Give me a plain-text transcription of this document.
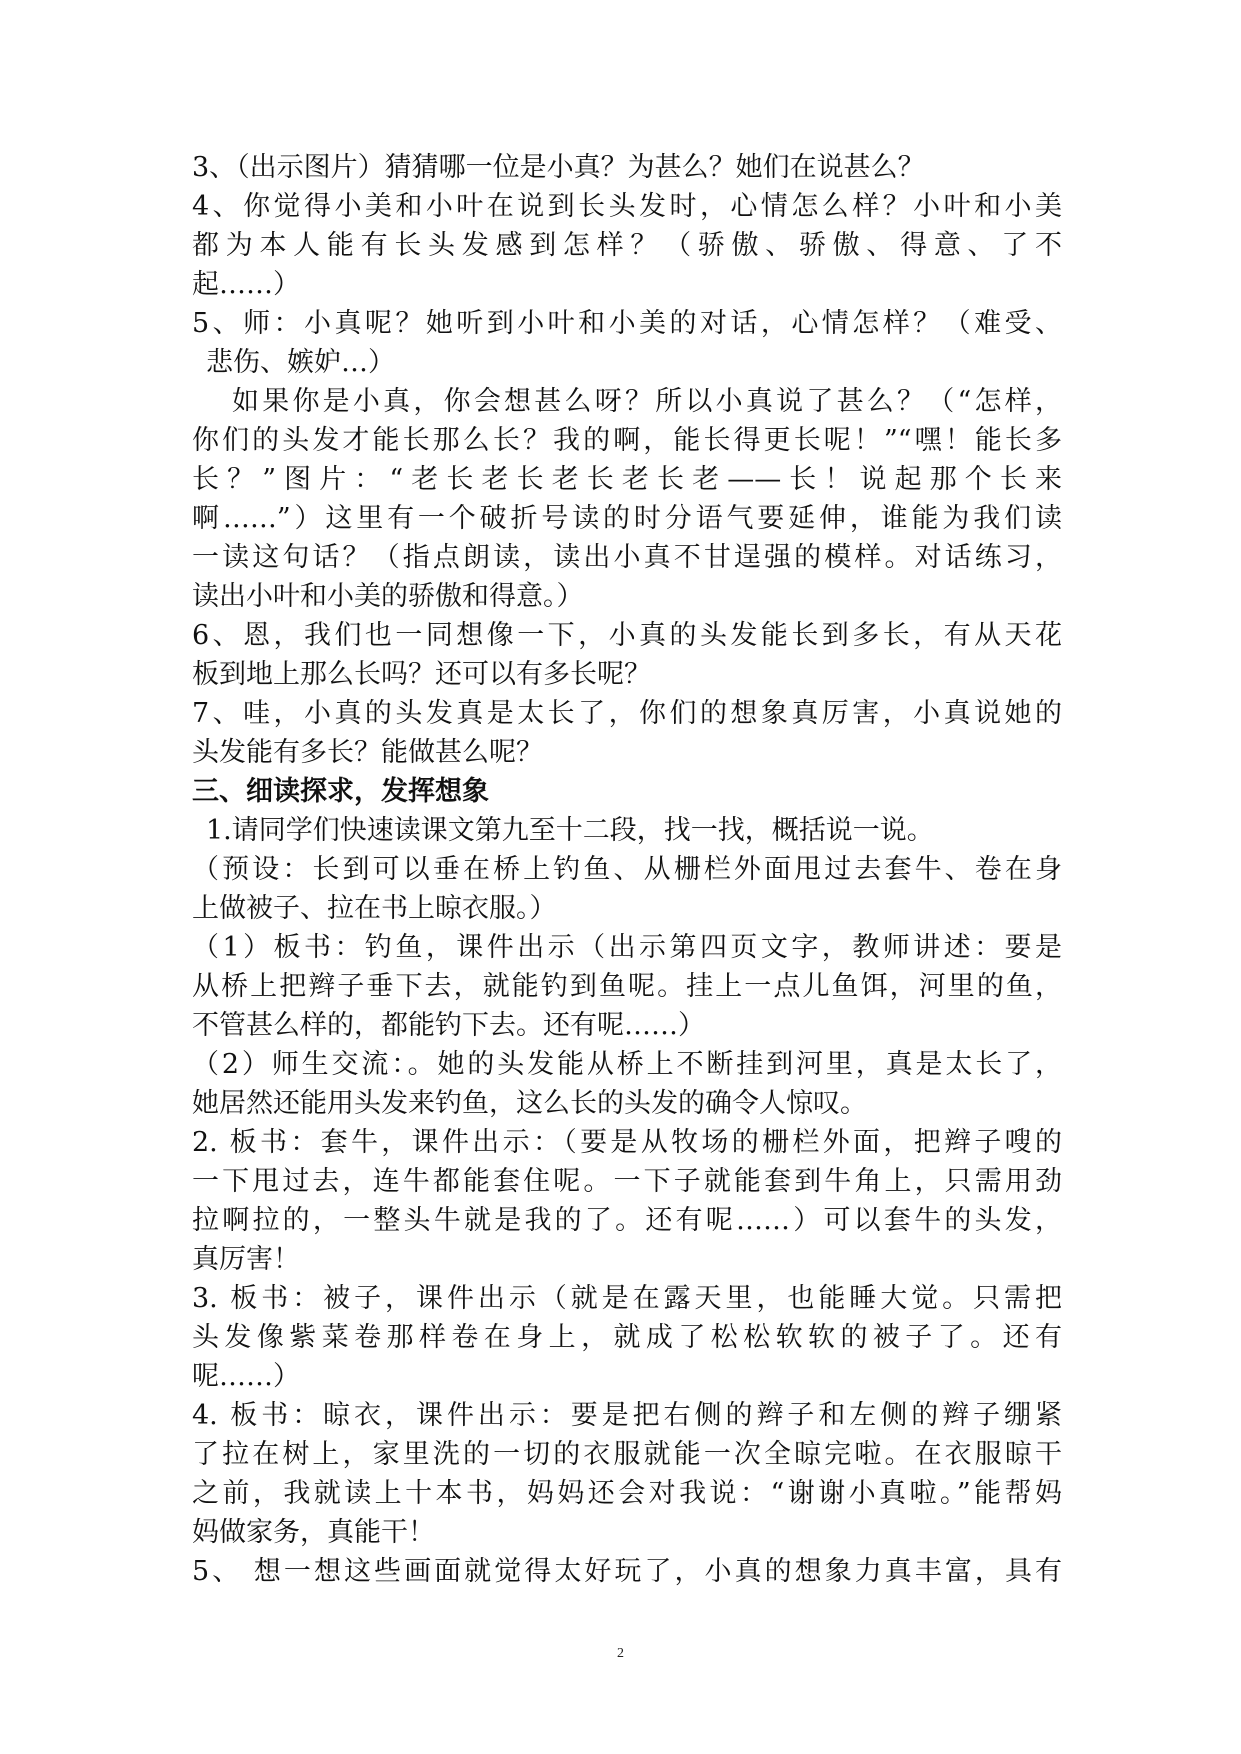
3、（出示图片）猜猜哪一位是小真？为甚么？她们在说甚么？
4、你觉得小美和小叶在说到长头发时，心情怎么样？小叶和小美
都为本人能有长头发感到怎样？（骄傲、骄傲、得意、了不
起……）
5、师：小真呢？她听到小叶和小美的对话，心情怎样？（难受、
悲伤、嫉妒…）
如果你是小真，你会想甚么呀？所以小真说了甚么？（“怎样，
你们的头发才能长那么长？我的啊，能长得更长呢！”“嘿！能长多
长？”图片：“老长老长老长老长老——长！说起那个长来
啊……”）这里有一个破折号读的时分语气要延伸，谁能为我们读
一读这句话？（指点朗读，读出小真不甘逞强的模样。对话练习，
读出小叶和小美的骄傲和得意。）
6、恩，我们也一同想像一下，小真的头发能长到多长，有从天花
板到地上那么长吗？还可以有多长呢？
7、哇，小真的头发真是太长了，你们的想象真厉害，小真说她的
头发能有多长？能做甚么呢？
三、细读探求，发挥想象
1.请同学们快速读课文第九至十二段，找一找，概括说一说。
（预设：长到可以垂在桥上钓鱼、从栅栏外面甩过去套牛、卷在身
上做被子、拉在书上晾衣服。）
（1）板书：钓鱼，课件出示（出示第四页文字，教师讲述：要是
从桥上把辫子垂下去，就能钓到鱼呢。挂上一点儿鱼饵，河里的鱼，
不管甚么样的，都能钓下去。还有呢……）
（2）师生交流：。她的头发能从桥上不断挂到河里，真是太长了，
她居然还能用头发来钓鱼，这么长的头发的确令人惊叹。
2. 板书：套牛，课件出示：（要是从牧场的栅栏外面，把辫子嗖的
一下甩过去，连牛都能套住呢。一下子就能套到牛角上，只需用劲
拉啊拉的，一整头牛就是我的了。还有呢……）可以套牛的头发，
真厉害！
3. 板书：被子，课件出示（就是在露天里，也能睡大觉。只需把
头发像紫菜卷那样卷在身上，就成了松松软软的被子了。还有
呢……）
4. 板书：晾衣，课件出示：要是把右侧的辫子和左侧的辫子绷紧
了拉在树上，家里洗的一切的衣服就能一次全晾完啦。在衣服晾干
之前，我就读上十本书，妈妈还会对我说：“谢谢小真啦。”能帮妈
妈做家务，真能干！
5、 想一想这些画面就觉得太好玩了，小真的想象力真丰富，具有
2
